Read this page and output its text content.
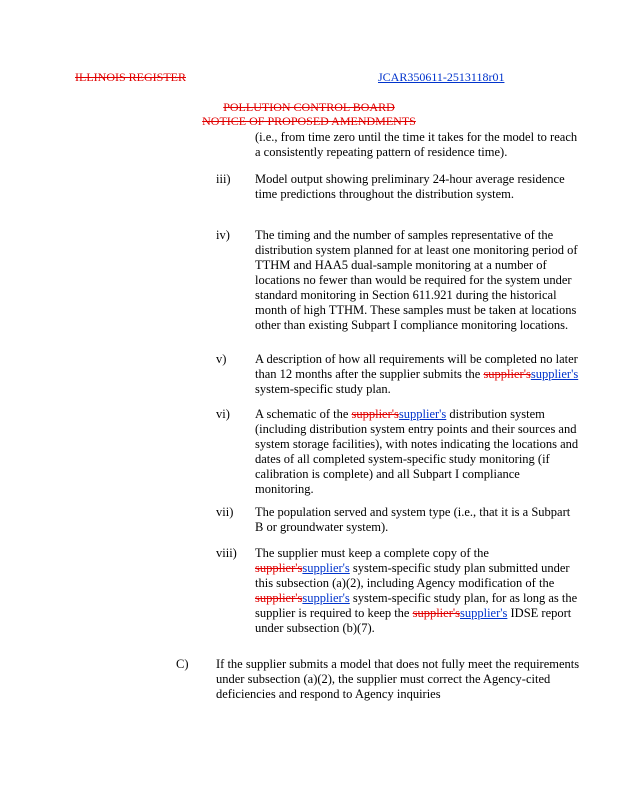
ILLINOIS REGISTER	JCAR350611-2513118r01
POLLUTION CONTROL BOARD
NOTICE OF PROPOSED AMENDMENTS
(i.e., from time zero until the time it takes for the model to reach a consistently repeating pattern of residence time).
iii) Model output showing preliminary 24-hour average residence time predictions throughout the distribution system.
iv) The timing and the number of samples representative of the distribution system planned for at least one monitoring period of TTHM and HAA5 dual-sample monitoring at a number of locations no fewer than would be required for the system under standard monitoring in Section 611.921 during the historical month of high TTHM. These samples must be taken at locations other than existing Subpart I compliance monitoring locations.
v) A description of how all requirements will be completed no later than 12 months after the supplier submits the supplier'ssupplier's system-specific study plan.
vi) A schematic of the supplier'ssupplier's distribution system (including distribution system entry points and their sources and system storage facilities), with notes indicating the locations and dates of all completed system-specific study monitoring (if calibration is complete) and all Subpart I compliance monitoring.
vii) The population served and system type (i.e., that it is a Subpart B or groundwater system).
viii) The supplier must keep a complete copy of the supplier'ssupplier's system-specific study plan submitted under this subsection (a)(2), including Agency modification of the supplier'ssupplier's system-specific study plan, for as long as the supplier is required to keep the supplier'ssupplier's IDSE report under subsection (b)(7).
C) If the supplier submits a model that does not fully meet the requirements under subsection (a)(2), the supplier must correct the Agency-cited deficiencies and respond to Agency inquiries
